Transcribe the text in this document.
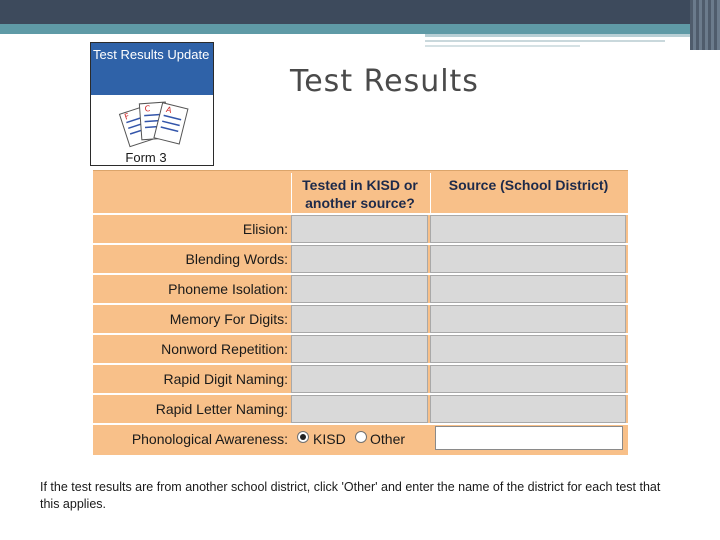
Test Results Update
F
C A
Form 3
Test Results
Tested in KISD or another source?
Source (School District)
Elision:
Blending Words:
Phoneme Isolation:
Memory For Digits:
Nonword Repetition:
Rapid Digit Naming:
Rapid Letter Naming:
Phonological Awareness: KISD Other
If the test results are from another school district, click 'Other' and enter the name of the district for each test that this applies.
